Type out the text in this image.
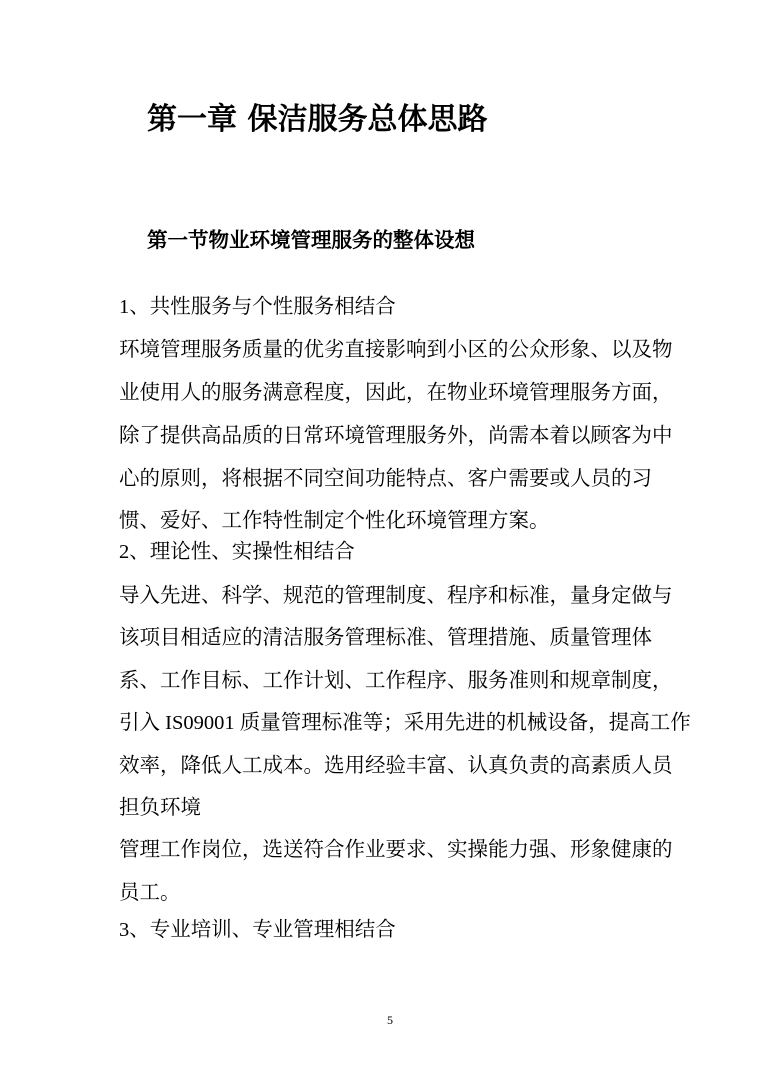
第一章 保洁服务总体思路
第一节物业环境管理服务的整体设想
1、共性服务与个性服务相结合
环境管理服务质量的优劣直接影响到小区的公众形象、以及物
业使用人的服务满意程度，因此，在物业环境管理服务方面，
除了提供高品质的日常环境管理服务外，尚需本着以顾客为中
心的原则，将根据不同空间功能特点、客户需要或人员的习
惯、爱好、工作特性制定个性化环境管理方案。
2、理论性、实操性相结合
导入先进、科学、规范的管理制度、程序和标准，量身定做与
该项目相适应的清洁服务管理标准、管理措施、质量管理体
系、工作目标、工作计划、工作程序、服务准则和规章制度，
引入 IS09001 质量管理标准等；采用先进的机械设备，提高工作
效率，降低人工成本。选用经验丰富、认真负责的高素质人员
担负环境
管理工作岗位，选送符合作业要求、实操能力强、形象健康的
员工。
3、专业培训、专业管理相结合
5
